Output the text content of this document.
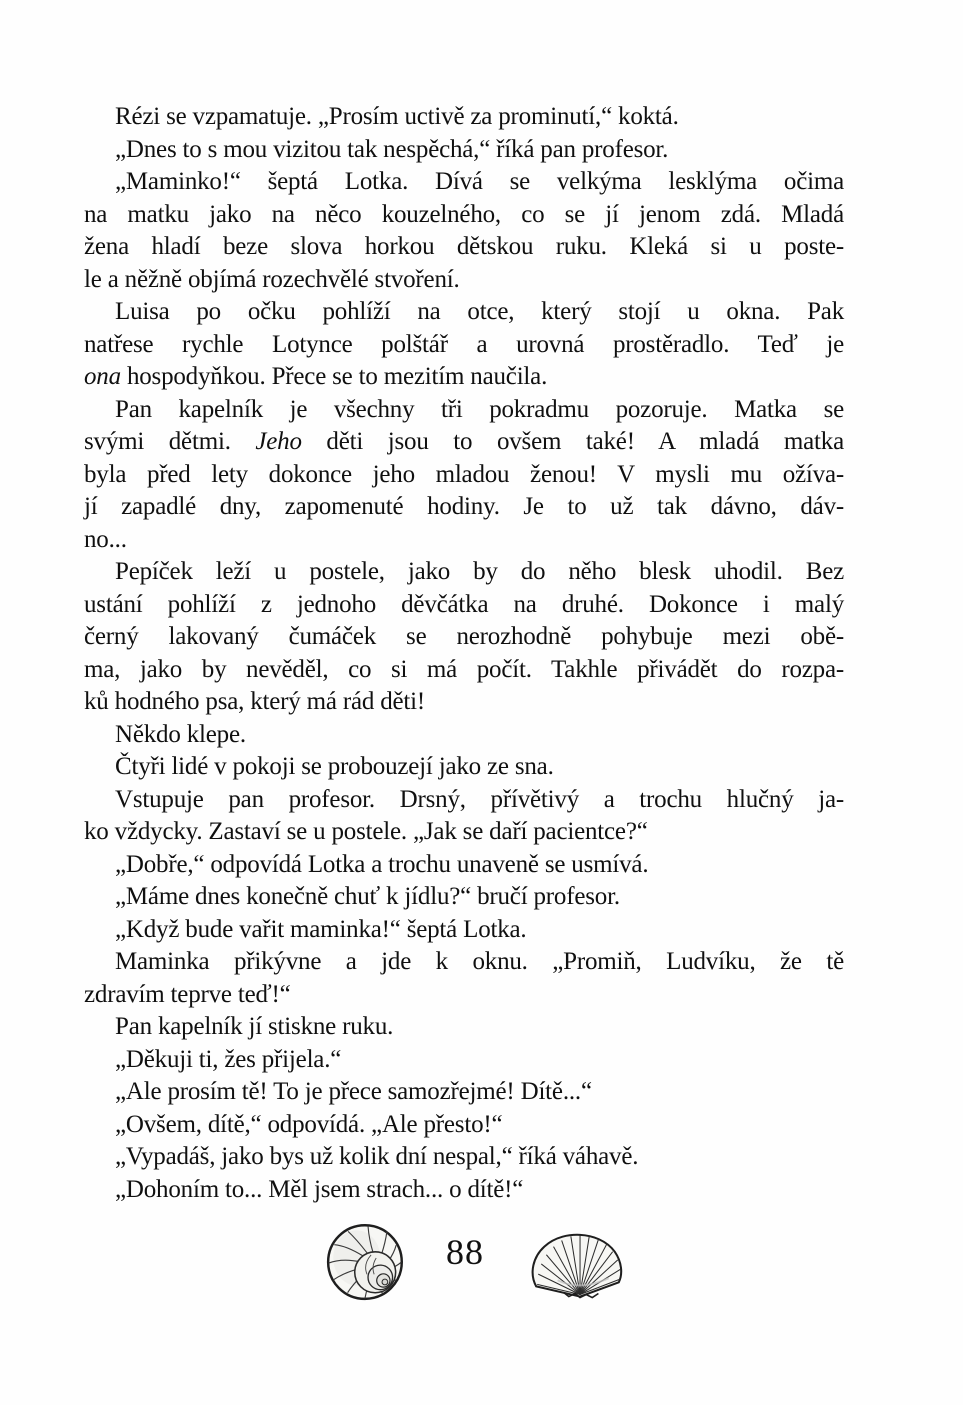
Rézi se vzpamatuje. „Prosím uctivě za prominutí,“ koktá.
„Dnes to s mou vizitou tak nespěchá,“ říká pan profesor.
„Maminko!“ šeptá Lotka. Dívá se velkýma lesklýma očima
na matku jako na něco kouzelného, co se jí jenom zdá. Mladá
žena hladí beze slova horkou dětskou ruku. Kleká si u poste-
le a něžně objímá rozechvělé stvoření.
Luisa po očku pohlíží na otce, který stojí u okna. Pak
natřese rychle Lotynce polštář a urovná prostěradlo. Teď je
ona hospodyňkou. Přece se to mezitím naučila.
Pan kapelník je všechny tři pokradmu pozoruje. Matka se
svými dětmi. Jeho děti jsou to ovšem také! A mladá matka
byla před lety dokonce jeho mladou ženou! V mysli mu ožíva-
jí zapadlé dny, zapomenuté hodiny. Je to už tak dávno, dáv-
no...
Pepíček leží u postele, jako by do něho blesk uhodil. Bez
ustání pohlíží z jednoho děvčátka na druhé. Dokonce i malý
černý lakovaný čumáček se nerozhodně pohybuje mezi obě-
ma, jako by nevěděl, co si má počít. Takhle přivádět do rozpa-
ků hodného psa, který má rád děti!
Někdo klepe.
Čtyři lidé v pokoji se probouzejí jako ze sna.
Vstupuje pan profesor. Drsný, přívětivý a trochu hlučný ja-
ko vždycky. Zastaví se u postele. „Jak se daří pacientce?“
„Dobře,“ odpovídá Lotka a trochu unaveně se usmívá.
„Máme dnes konečně chuť k jídlu?“ bručí profesor.
„Když bude vařit maminka!“ šeptá Lotka.
Maminka přikývne a jde k oknu. „Promiň, Ludvíku, že tě
zdravím teprve teď!“
Pan kapelník jí stiskne ruku.
„Děkuji ti, žes přijela.“
„Ale prosím tě! To je přece samozřejmé! Dítě...“
„Ovšem, dítě,“ odpovídá. „Ale přesto!“
„Vypadáš, jako bys už kolik dní nespal,“ říká váhavě.
„Dohoním to... Měl jsem strach... o dítě!“
88
